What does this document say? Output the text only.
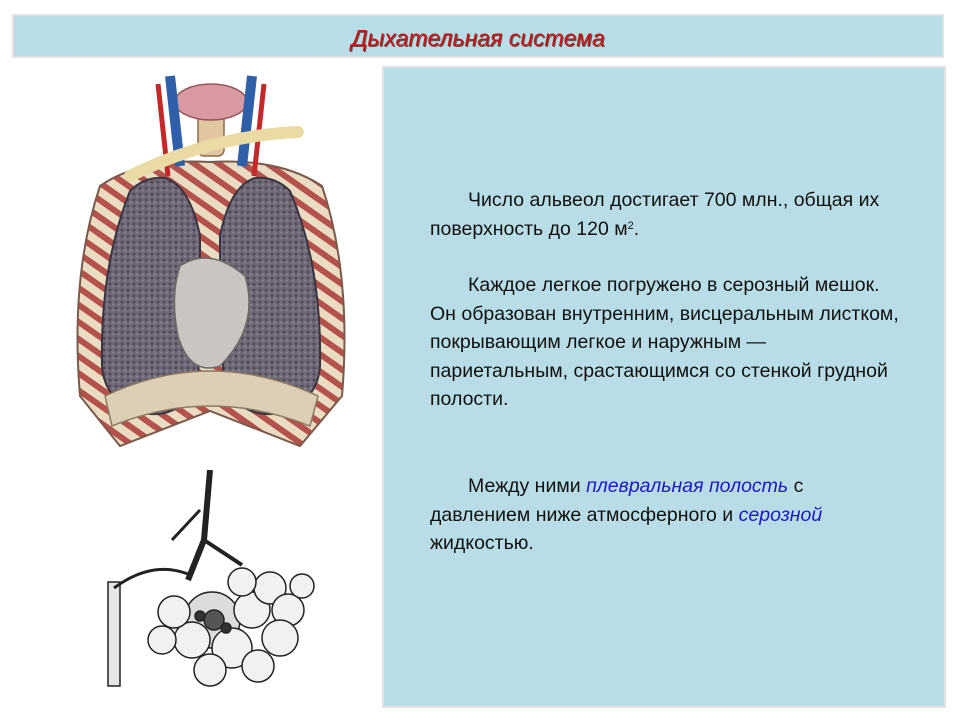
Дыхательная система

Число альвеол достигает 700 млн., общая их поверхность до 120 $м^2$.

Каждое легкое погружено в серозный мешок. Он образован внутренним, висцеральным листком, покрывающим легкое и наружным — париетальным, срастающимся со стенкой грудной полости.

Между ними плевральная полость с давлением ниже атмосферного и серозной жидкостью.
